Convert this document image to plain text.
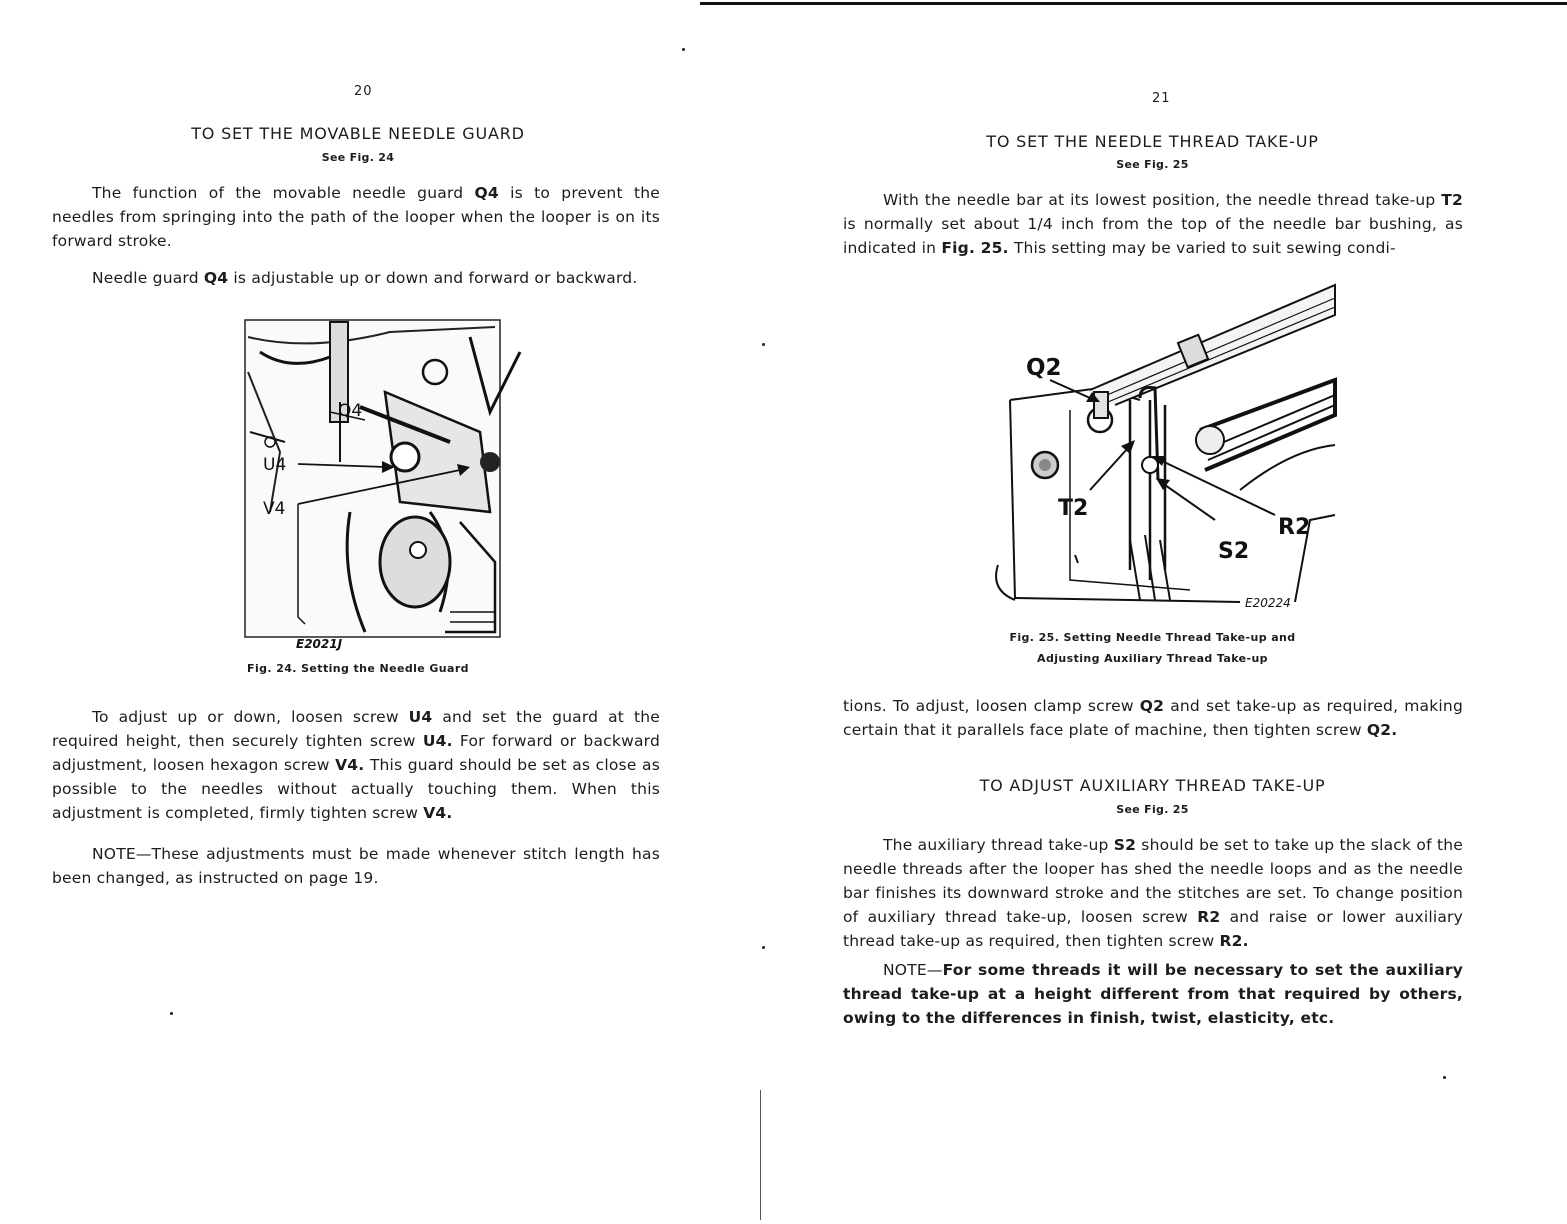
20
TO SET THE MOVABLE NEEDLE GUARD
See Fig. 24
The function of the movable needle guard Q4 is to prevent the needles from springing into the path of the looper when the looper is on its forward stroke.
Needle guard Q4 is adjustable up or down and forward or backward.
Q4
U4
V4
E2021J
Fig. 24. Setting the Needle Guard
To adjust up or down, loosen screw U4 and set the guard at the required height, then securely tighten screw U4. For forward or backward adjustment, loosen hexagon screw V4. This guard should be set as close as possible to the needles without actually touching them. When this adjustment is completed, firmly tighten screw V4.
NOTE—These adjustments must be made whenever stitch length has been changed, as instructed on page 19.
21
TO SET THE NEEDLE THREAD TAKE-UP
See Fig. 25
With the needle bar at its lowest position, the needle thread take-up T2 is normally set about 1/4 inch from the top of the needle bar bushing, as indicated in Fig. 25. This setting may be varied to suit sewing condi-
Q2
T2
S2
R2
E20224
Fig. 25. Setting Needle Thread Take-up and
Adjusting Auxiliary Thread Take-up
tions. To adjust, loosen clamp screw Q2 and set take-up as required, making certain that it parallels face plate of machine, then tighten screw Q2.
TO ADJUST AUXILIARY THREAD TAKE-UP
See Fig. 25
The auxiliary thread take-up S2 should be set to take up the slack of the needle threads after the looper has shed the needle loops and as the needle bar finishes its downward stroke and the stitches are set. To change position of auxiliary thread take-up, loosen screw R2 and raise or lower auxiliary thread take-up as required, then tighten screw R2.
NOTE—For some threads it will be necessary to set the auxiliary thread take-up at a height different from that required by others, owing to the differences in finish, twist, elasticity, etc.
